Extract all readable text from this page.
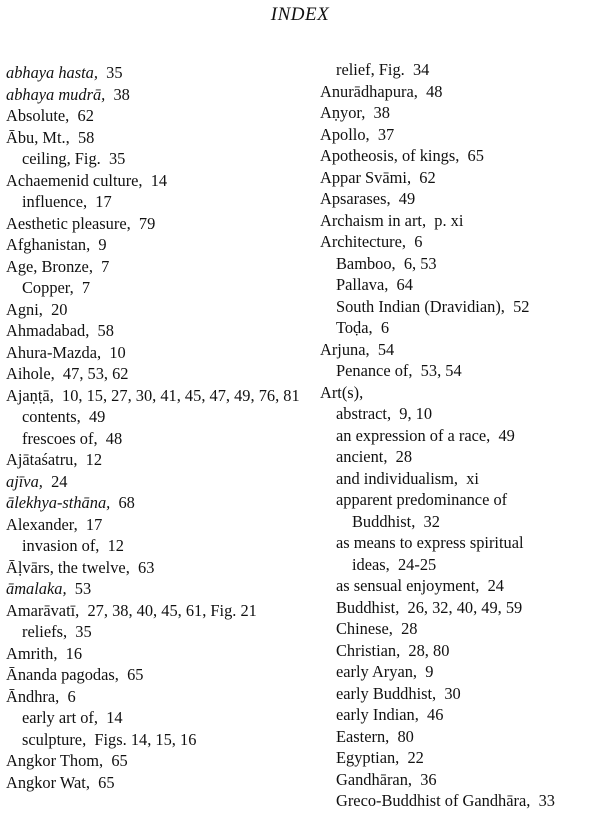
INDEX
abhaya hasta, 35
abhaya mudrā, 38
Absolute, 62
Ābu, Mt., 58
ceiling, Fig. 35
Achaemenid culture, 14
influence, 17
Aesthetic pleasure, 79
Afghanistan, 9
Age, Bronze, 7
Copper, 7
Agni, 20
Ahmadabad, 58
Ahura-Mazda, 10
Aihole, 47, 53, 62
Ajaṇṭā, 10, 15, 27, 30, 41, 45, 47, 49, 76, 81
contents, 49
frescoes of, 48
Ajātaśatru, 12
ajīva, 24
ālekhya-sthāna, 68
Alexander, 17
invasion of, 12
Āḷvārs, the twelve, 63
āmalaka, 53
Amarāvatī, 27, 38, 40, 45, 61, Fig. 21
reliefs, 35
Amrith, 16
Ānanda pagodas, 65
Āndhra, 6
early art of, 14
sculpture, Figs. 14, 15, 16
Angkor Thom, 65
Angkor Wat, 65
relief, Fig. 34
Anurādhapura, 48
Aṇyor, 38
Apollo, 37
Apotheosis, of kings, 65
Appar Svāmi, 62
Apsarases, 49
Archaism in art, p. xi
Architecture, 6
Bamboo, 6, 53
Pallava, 64
South Indian (Dravidian), 52
Toḍa, 6
Arjuna, 54
Penance of, 53, 54
Art(s),
abstract, 9, 10
an expression of a race, 49
ancient, 28
and individualism, xi
apparent predominance of Buddhist, 32
as means to express spiritual ideas, 24-25
as sensual enjoyment, 24
Buddhist, 26, 32, 40, 49, 59
Chinese, 28
Christian, 28, 80
early Aryan, 9
early Buddhist, 30
early Indian, 46
Eastern, 80
Egyptian, 22
Gandhāran, 36
Greco-Buddhist of Gandhāra, 33
